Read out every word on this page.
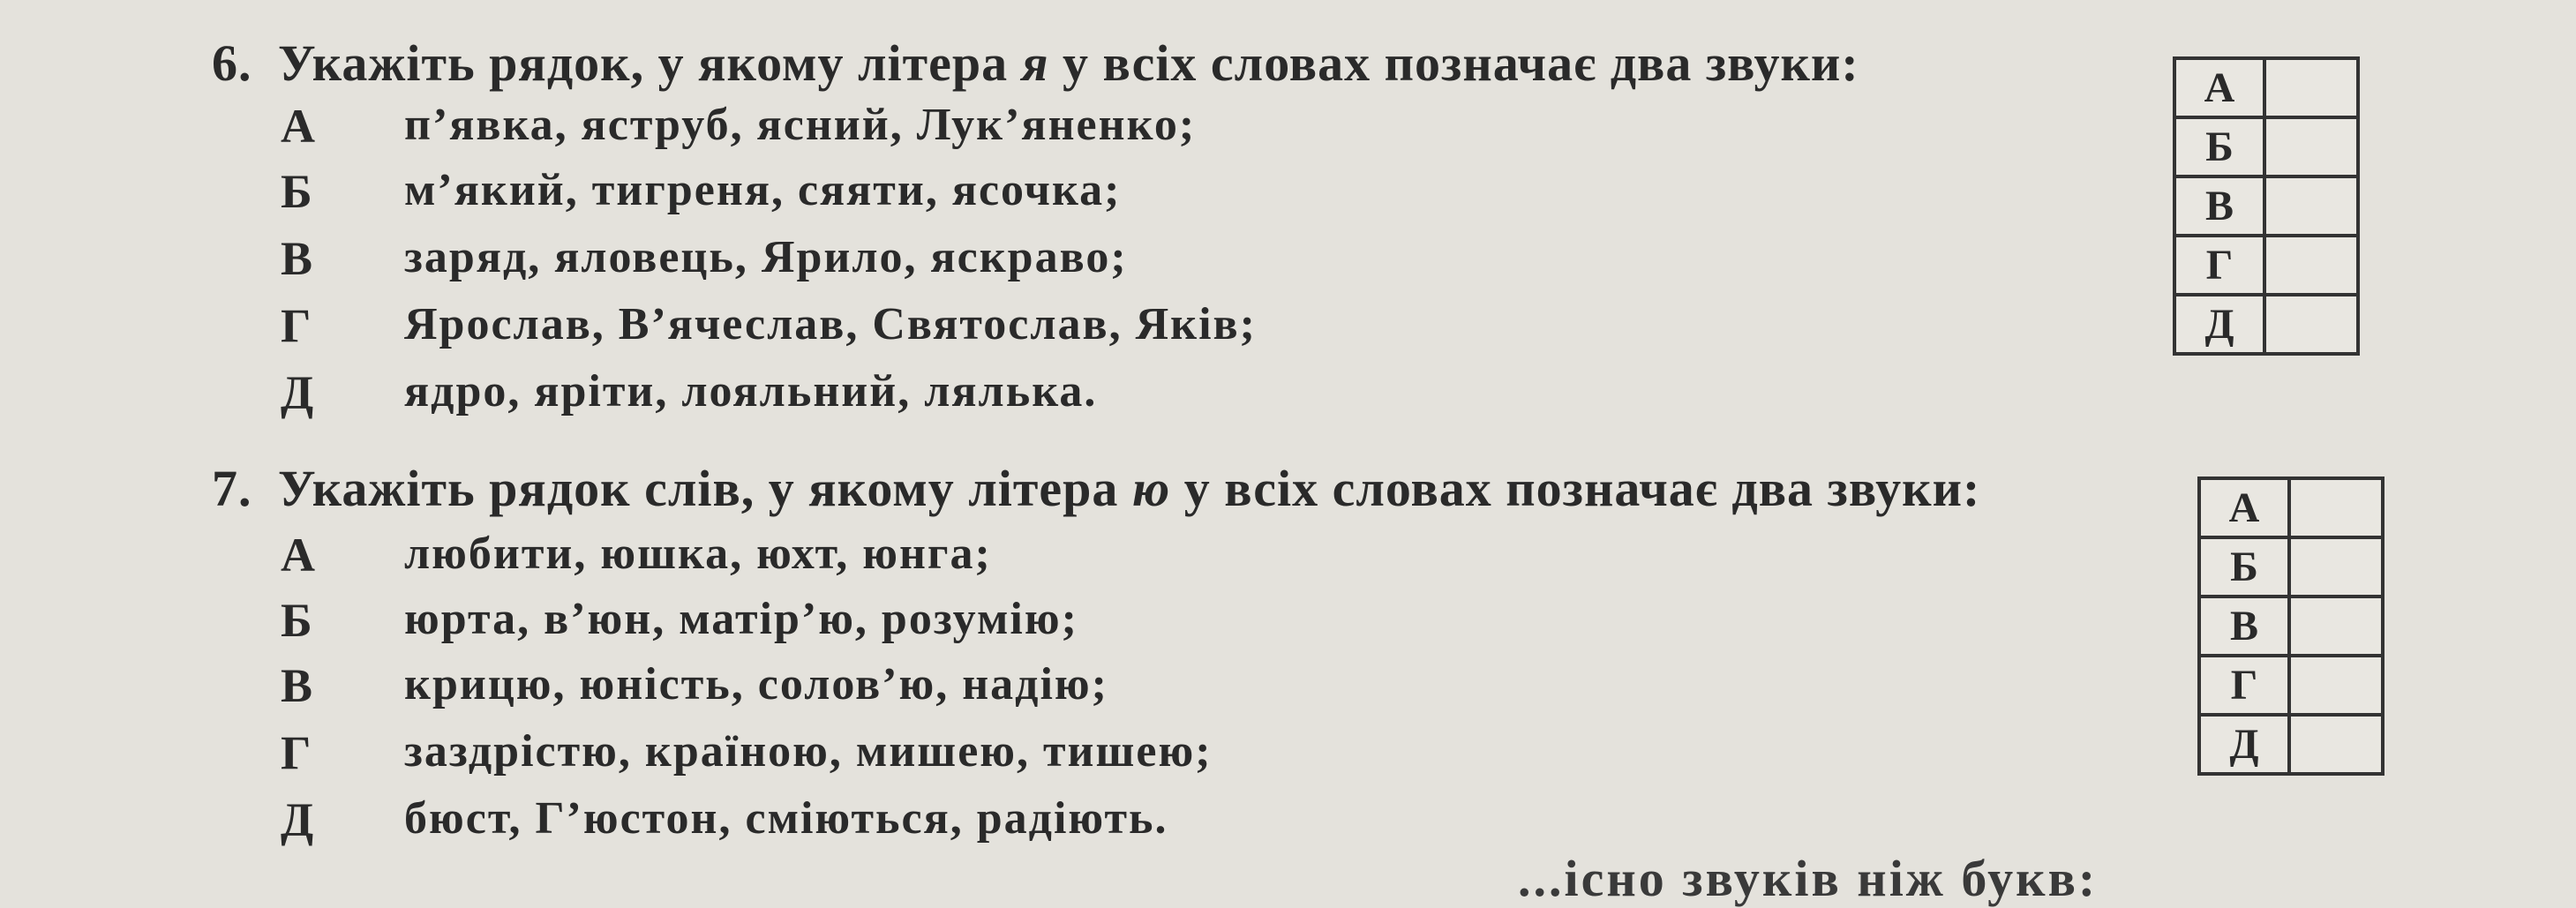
6. Укажіть рядок, у якому літера я у всіх словах позначає два звуки:
А п’явка, яструб, ясний, Лук’яненко;
Б м’який, тигреня, сяяти, ясочка;
В заряд, яловець, Ярило, яскраво;
Г Ярослав, В’ячеслав, Святослав, Яків;
Д ядро, яріти, лояльний, лялька.
А	
Б	
В	
Г	
Д	
7. Укажіть рядок слів, у якому літера ю у всіх словах позначає два звуки:
А любити, юшка, юхт, юнга;
Б юрта, в’юн, матір’ю, розумію;
В крицю, юність, солов’ю, надію;
Г заздрістю, країною, мишею, тишею;
Д бюст, Г’юстон, сміються, радіють.
А	
Б	
В	
Г	
Д	
...існо звуків ніж букв:
